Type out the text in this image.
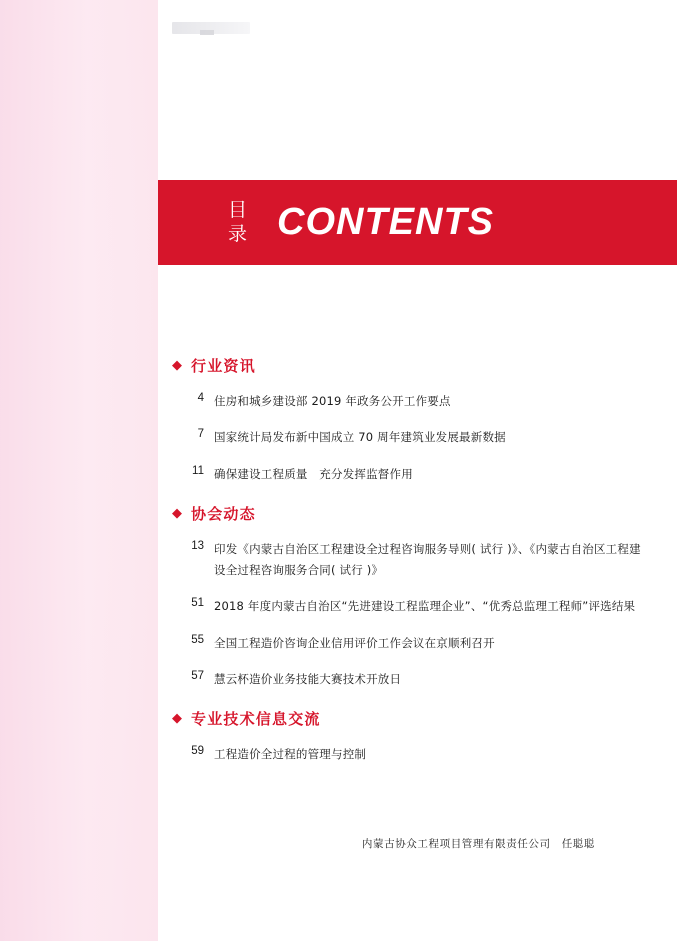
目
录 CONTENTS
◆ 行业资讯
4 住房和城乡建设部 2019 年政务公开工作要点
7 国家统计局发布新中国成立 70 周年建筑业发展最新数据
11 确保建设工程质量　充分发挥监督作用
◆ 协会动态
13 印发《内蒙古自治区工程建设全过程咨询服务导则( 试行 )》、《内蒙古自治区工程建设全过程咨询服务合同( 试行 )》
51 2018 年度内蒙古自治区“先进建设工程监理企业”、“优秀总监理工程师”评选结果
55 全国工程造价咨询企业信用评价工作会议在京顺利召开
57 慧云杯造价业务技能大赛技术开放日
◆ 专业技术信息交流
59 工程造价全过程的管理与控制
内蒙古协众工程项目管理有限责任公司　任聪聪
